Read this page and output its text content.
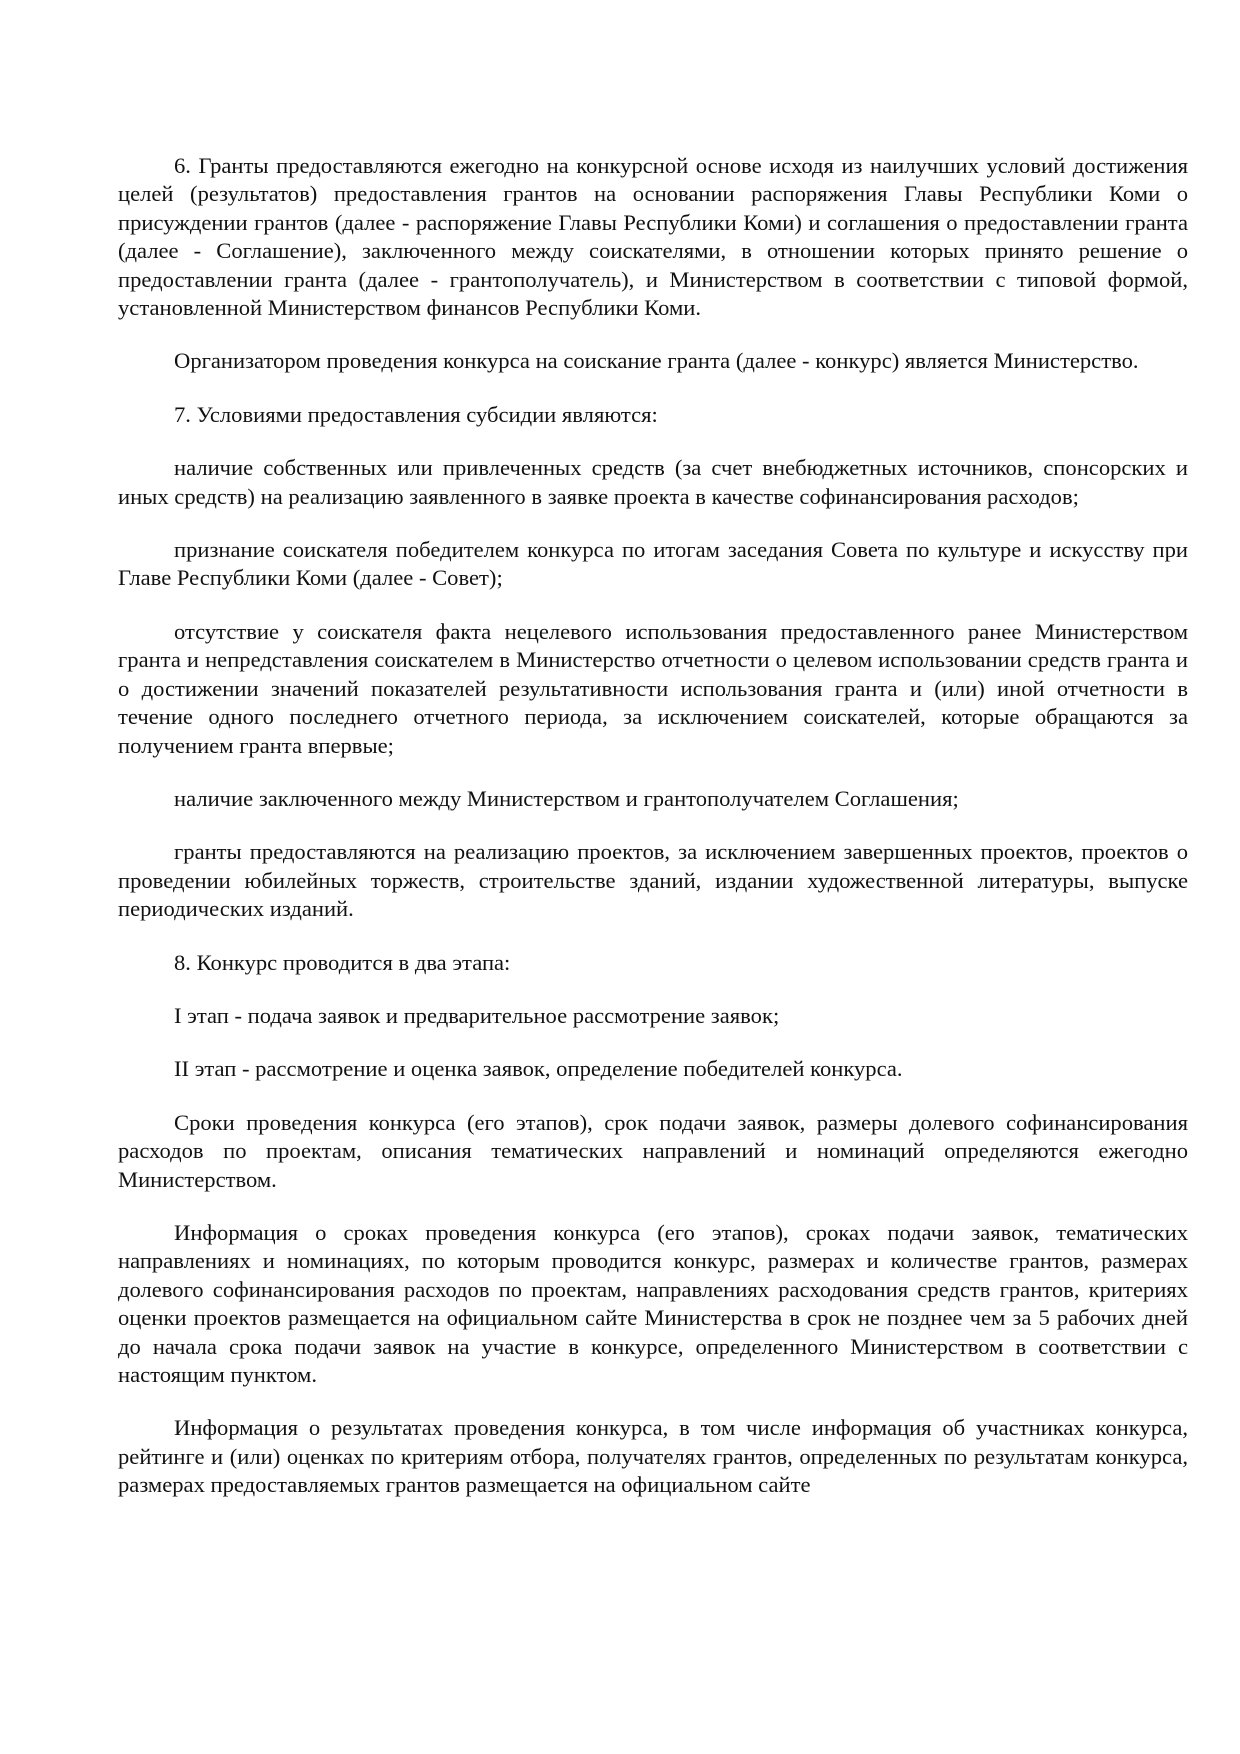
6. Гранты предоставляются ежегодно на конкурсной основе исходя из наилучших условий достижения целей (результатов) предоставления грантов на основании распоряжения Главы Республики Коми о присуждении грантов (далее - распоряжение Главы Республики Коми) и соглашения о предоставлении гранта (далее - Соглашение), заключенного между соискателями, в отношении которых принято решение о предоставлении гранта (далее - грантополучатель), и Министерством в соответствии с типовой формой, установленной Министерством финансов Республики Коми.

Организатором проведения конкурса на соискание гранта (далее - конкурс) является Министерство.

7. Условиями предоставления субсидии являются:

наличие собственных или привлеченных средств (за счет внебюджетных источников, спонсорских и иных средств) на реализацию заявленного в заявке проекта в качестве софинансирования расходов;

признание соискателя победителем конкурса по итогам заседания Совета по культуре и искусству при Главе Республики Коми (далее - Совет);

отсутствие у соискателя факта нецелевого использования предоставленного ранее Министерством гранта и непредставления соискателем в Министерство отчетности о целевом использовании средств гранта и о достижении значений показателей результативности использования гранта и (или) иной отчетности в течение одного последнего отчетного периода, за исключением соискателей, которые обращаются за получением гранта впервые;

наличие заключенного между Министерством и грантополучателем Соглашения;

гранты предоставляются на реализацию проектов, за исключением завершенных проектов, проектов о проведении юбилейных торжеств, строительстве зданий, издании художественной литературы, выпуске периодических изданий.

8. Конкурс проводится в два этапа:

I этап - подача заявок и предварительное рассмотрение заявок;

II этап - рассмотрение и оценка заявок, определение победителей конкурса.

Сроки проведения конкурса (его этапов), срок подачи заявок, размеры долевого софинансирования расходов по проектам, описания тематических направлений и номинаций определяются ежегодно Министерством.

Информация о сроках проведения конкурса (его этапов), сроках подачи заявок, тематических направлениях и номинациях, по которым проводится конкурс, размерах и количестве грантов, размерах долевого софинансирования расходов по проектам, направлениях расходования средств грантов, критериях оценки проектов размещается на официальном сайте Министерства в срок не позднее чем за 5 рабочих дней до начала срока подачи заявок на участие в конкурсе, определенного Министерством в соответствии с настоящим пунктом.

Информация о результатах проведения конкурса, в том числе информация об участниках конкурса, рейтинге и (или) оценках по критериям отбора, получателях грантов, определенных по результатам конкурса, размерах предоставляемых грантов размещается на официальном сайте
